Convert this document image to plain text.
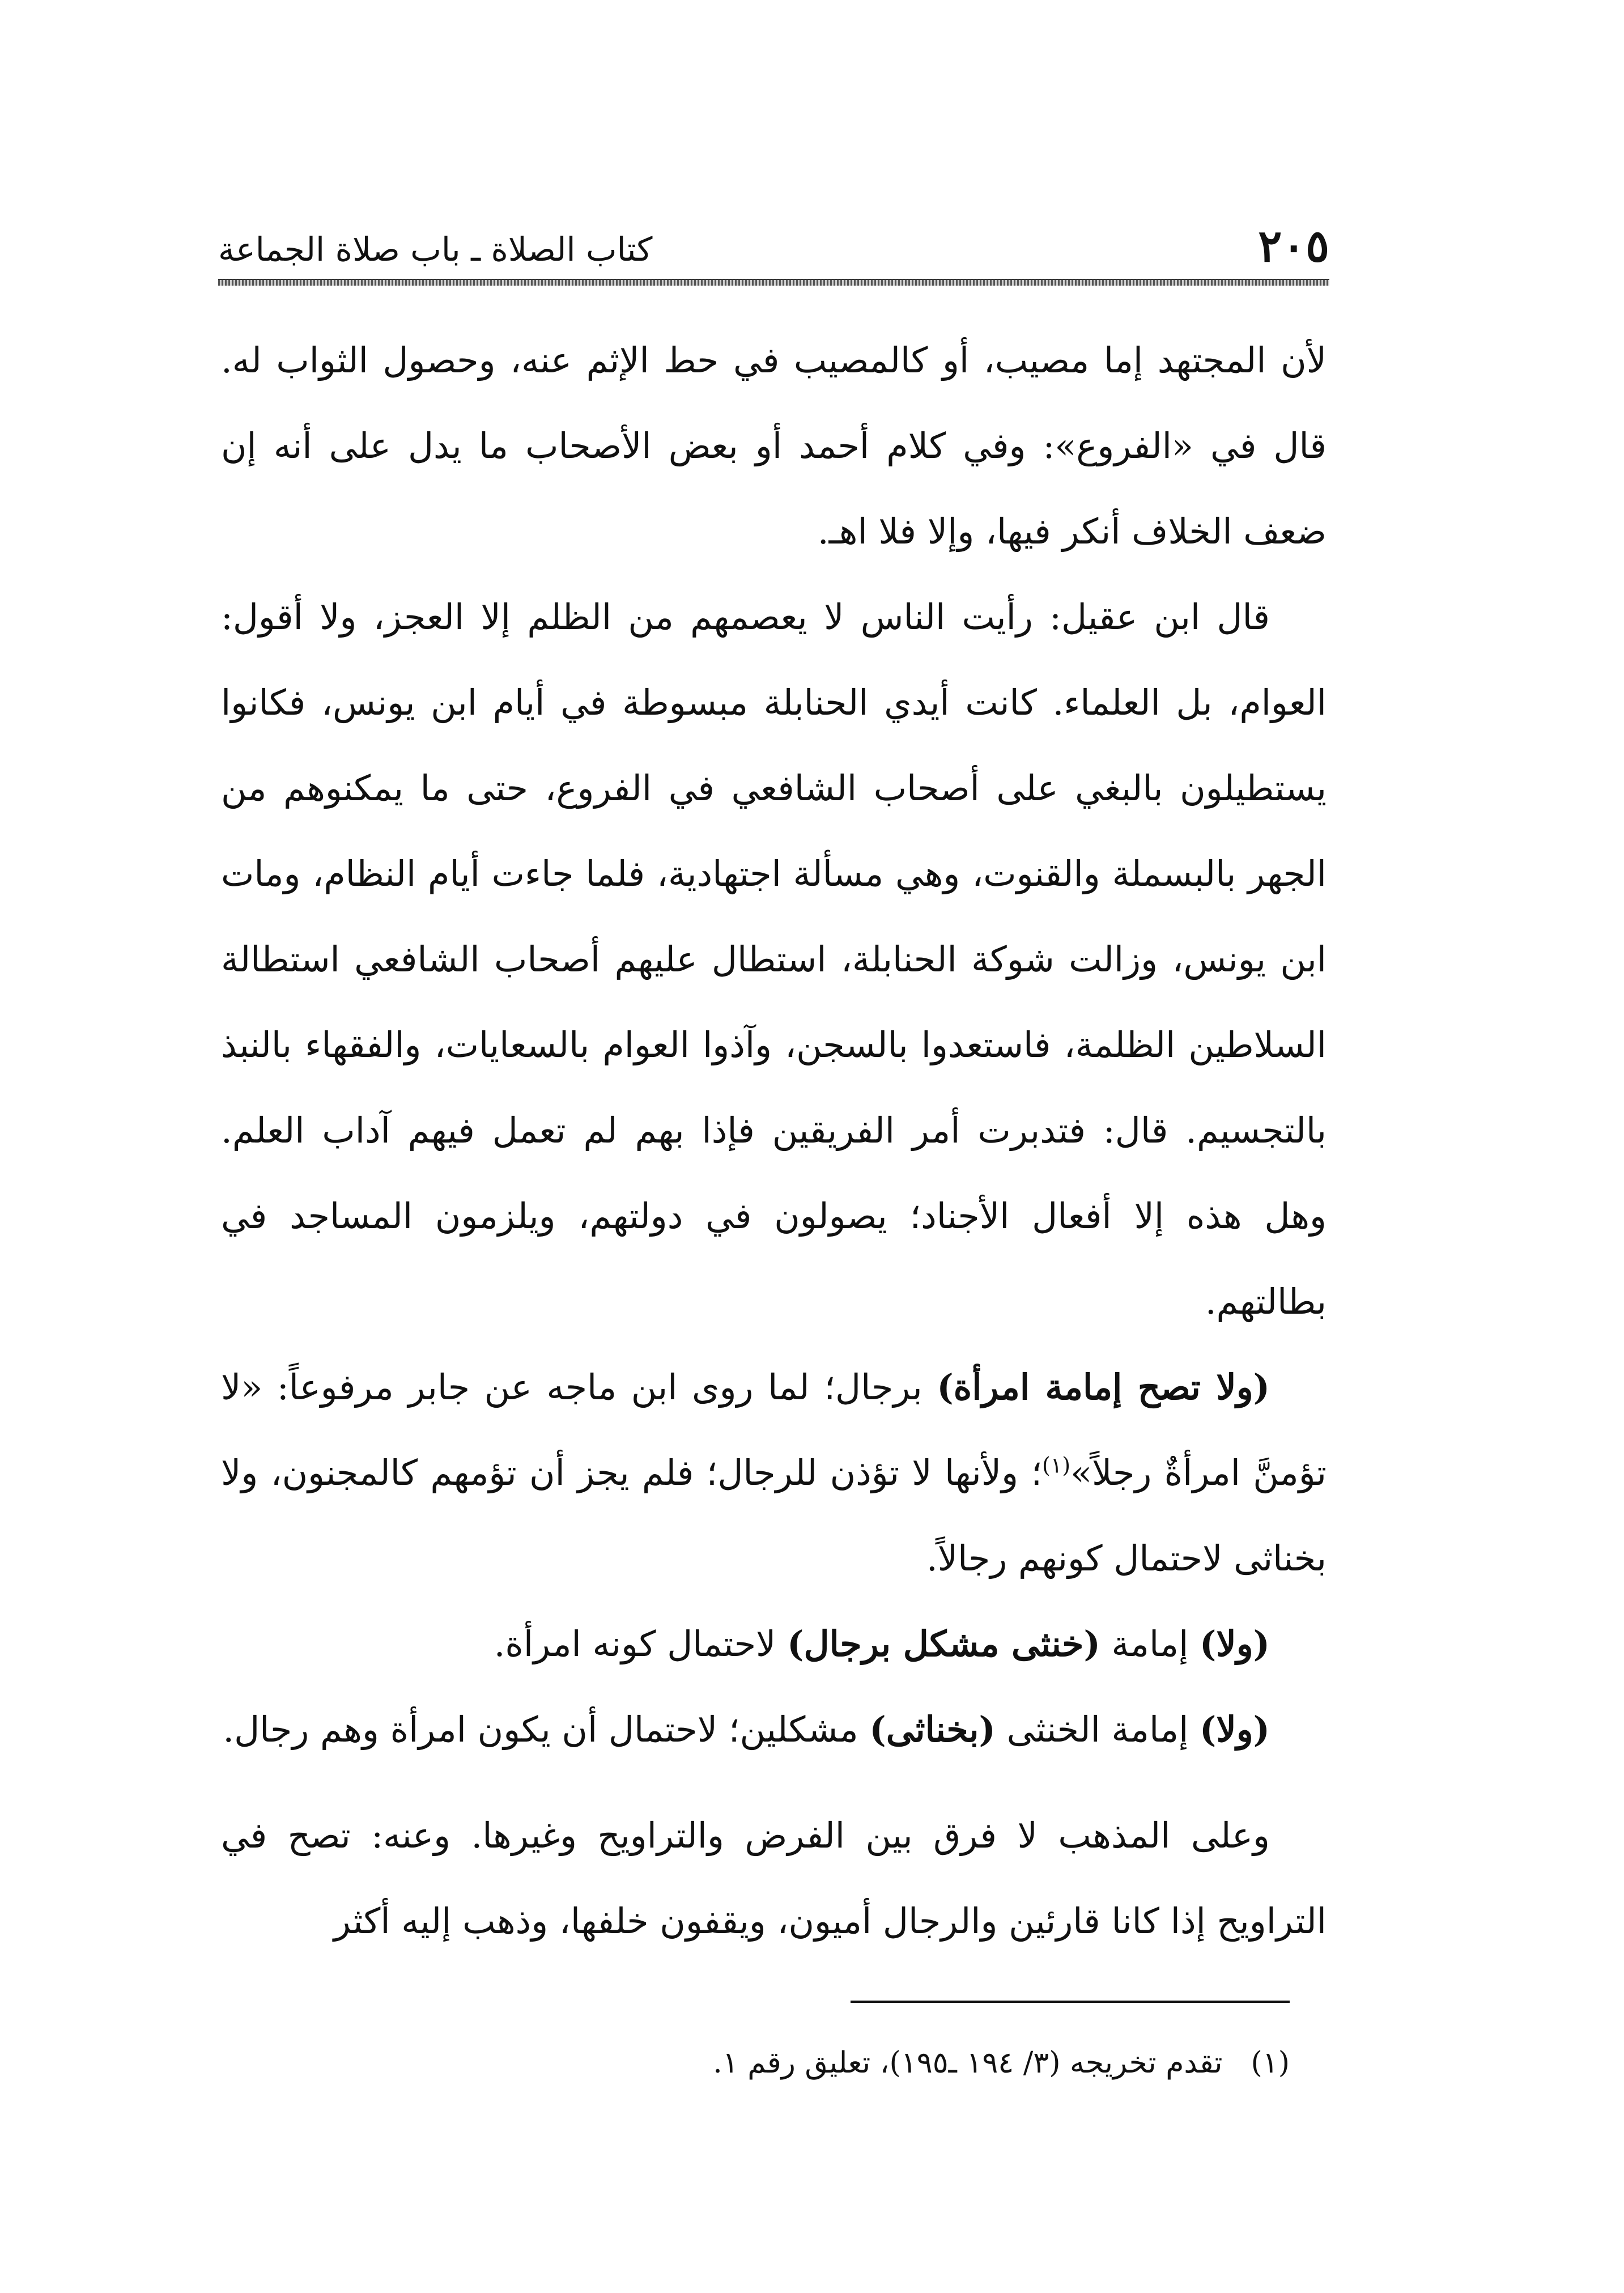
٢٠٥
كتاب الصلاة ـ باب صلاة الجماعة

لأن المجتهد إما مصيب، أو كالمصيب في حط الإثم عنه، وحصول الثواب له. قال في «الفروع»: وفي كلام أحمد أو بعض الأصحاب ما يدل على أنه إن ضعف الخلاف أنكر فيها، وإلا فلا اهـ.

قال ابن عقيل: رأيت الناس لا يعصمهم من الظلم إلا العجز، ولا أقول: العوام، بل العلماء. كانت أيدي الحنابلة مبسوطة في أيام ابن يونس، فكانوا يستطيلون بالبغي على أصحاب الشافعي في الفروع، حتى ما يمكنوهم من الجهر بالبسملة والقنوت، وهي مسألة اجتهادية، فلما جاءت أيام النظام، ومات ابن يونس، وزالت شوكة الحنابلة، استطال عليهم أصحاب الشافعي استطالة السلاطين الظلمة، فاستعدوا بالسجن، وآذوا العوام بالسعايات، والفقهاء بالنبذ بالتجسيم. قال: فتدبرت أمر الفريقين فإذا بهم لم تعمل فيهم آداب العلم. وهل هذه إلا أفعال الأجناد؛ يصولون في دولتهم، ويلزمون المساجد في بطالتهم.

(ولا تصح إمامة امرأة) برجال؛ لما روى ابن ماجه عن جابر مرفوعاً: «لا تؤمنَّ امرأةٌ رجلاً»$^{(١)}$؛ ولأنها لا تؤذن للرجال؛ فلم يجز أن تؤمهم كالمجنون، ولا بخناثى لاحتمال كونهم رجالاً.

(ولا) إمامة (خنثى مشكل برجال) لاحتمال كونه امرأة.

(ولا) إمامة الخنثى (بخناثى) مشكلين؛ لاحتمال أن يكون امرأة وهم رجال.

وعلى المذهب لا فرق بين الفرض والتراويح وغيرها. وعنه: تصح في التراويح إذا كانا قارئين والرجال أميون، ويقفون خلفها، وذهب إليه أكثر

(١)تقدم تخريجه (٣/ ١٩٤ ـ١٩٥)، تعليق رقم ١.
